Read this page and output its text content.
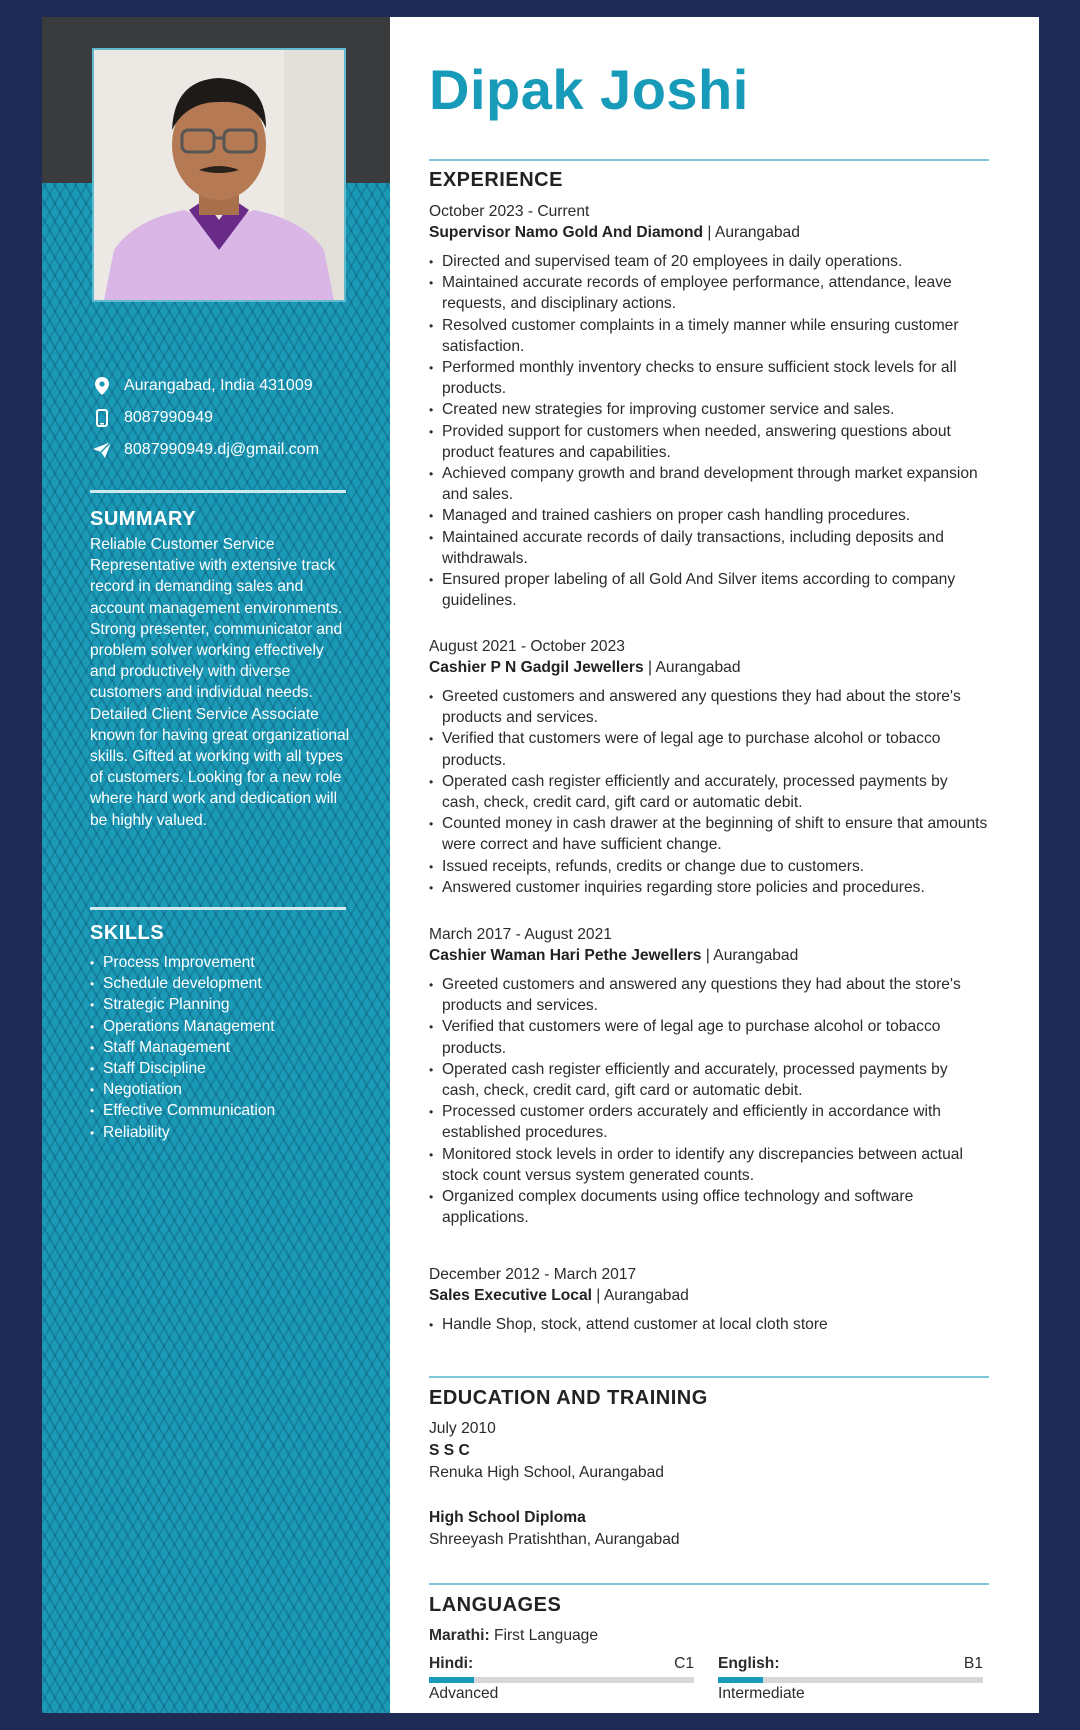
Aurangabad, India 431009
8087990949
8087990949.dj@gmail.com
SUMMARY
Reliable Customer Service Representative with extensive track record in demanding sales and account management environments. Strong presenter, communicator and problem solver working effectively and productively with diverse customers and individual needs. Detailed Client Service Associate known for having great organizational skills. Gifted at working with all types of customers. Looking for a new role where hard work and dedication will be highly valued.
SKILLS
• Process Improvement
• Schedule development
• Strategic Planning
• Operations Management
• Staff Management
• Staff Discipline
• Negotiation
• Effective Communication
• Reliability
Dipak Joshi
EXPERIENCE
October 2023 - Current
Supervisor Namo Gold And Diamond | Aurangabad
• Directed and supervised team of 20 employees in daily operations.
• Maintained accurate records of employee performance, attendance, leave requests, and disciplinary actions.
• Resolved customer complaints in a timely manner while ensuring customer satisfaction.
• Performed monthly inventory checks to ensure sufficient stock levels for all products.
• Created new strategies for improving customer service and sales.
• Provided support for customers when needed, answering questions about product features and capabilities.
• Achieved company growth and brand development through market expansion and sales.
• Managed and trained cashiers on proper cash handling procedures.
• Maintained accurate records of daily transactions, including deposits and withdrawals.
• Ensured proper labeling of all Gold And Silver items according to company guidelines.
August 2021 - October 2023
Cashier P N Gadgil Jewellers | Aurangabad
• Greeted customers and answered any questions they had about the store's products and services.
• Verified that customers were of legal age to purchase alcohol or tobacco products.
• Operated cash register efficiently and accurately, processed payments by cash, check, credit card, gift card or automatic debit.
• Counted money in cash drawer at the beginning of shift to ensure that amounts were correct and have sufficient change.
• Issued receipts, refunds, credits or change due to customers.
• Answered customer inquiries regarding store policies and procedures.
March 2017 - August 2021
Cashier Waman Hari Pethe Jewellers | Aurangabad
• Greeted customers and answered any questions they had about the store's products and services.
• Verified that customers were of legal age to purchase alcohol or tobacco products.
• Operated cash register efficiently and accurately, processed payments by cash, check, credit card, gift card or automatic debit.
• Processed customer orders accurately and efficiently in accordance with established procedures.
• Monitored stock levels in order to identify any discrepancies between actual stock count versus system generated counts.
• Organized complex documents using office technology and software applications.
December 2012 - March 2017
Sales Executive Local | Aurangabad
• Handle Shop, stock, attend customer at local cloth store
EDUCATION AND TRAINING
July 2010
S S C
Renuka High School, Aurangabad
High School Diploma
Shreeyash Pratishthan, Aurangabad
LANGUAGES
Marathi: First Language
Hindi:	C1
Advanced
English:	B1
Intermediate
